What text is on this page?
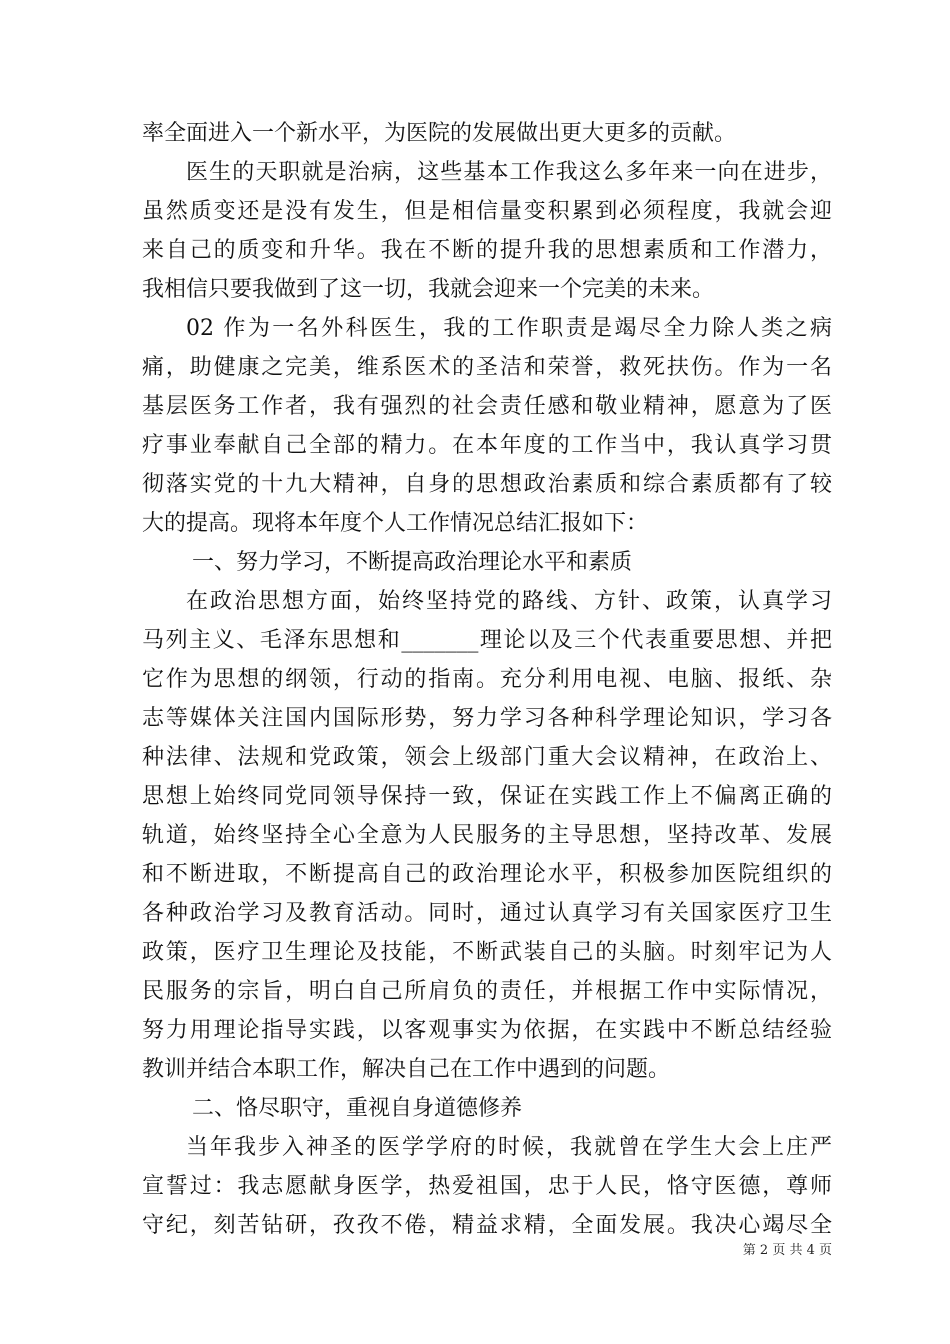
率全面进入一个新水平，为医院的发展做出更大更多的贡献。
医生的天职就是治病，这些基本工作我这么多年来一向在进步，
虽然质变还是没有发生，但是相信量变积累到必须程度，我就会迎
来自己的质变和升华。我在不断的提升我的思想素质和工作潜力，
我相信只要我做到了这一切，我就会迎来一个完美的未来。
02 作为一名外科医生，我的工作职责是竭尽全力除人类之病
痛，助健康之完美，维系医术的圣洁和荣誉，救死扶伤。作为一名
基层医务工作者，我有强烈的社会责任感和敬业精神，愿意为了医
疗事业奉献自己全部的精力。在本年度的工作当中，我认真学习贯
彻落实党的十九大精神，自身的思想政治素质和综合素质都有了较
大的提高。现将本年度个人工作情况总结汇报如下：
一、努力学习，不断提高政治理论水平和素质
在政治思想方面，始终坚持党的路线、方针、政策，认真学习
马列主义、毛泽东思想和_______理论以及三个代表重要思想、并把
它作为思想的纲领，行动的指南。充分利用电视、电脑、报纸、杂
志等媒体关注国内国际形势，努力学习各种科学理论知识，学习各
种法律、法规和党政策，领会上级部门重大会议精神，在政治上、
思想上始终同党同领导保持一致，保证在实践工作上不偏离正确的
轨道，始终坚持全心全意为人民服务的主导思想，坚持改革、发展
和不断进取，不断提高自己的政治理论水平，积极参加医院组织的
各种政治学习及教育活动。同时，通过认真学习有关国家医疗卫生
政策，医疗卫生理论及技能，不断武装自己的头脑。时刻牢记为人
民服务的宗旨，明白自己所肩负的责任，并根据工作中实际情况，
努力用理论指导实践，以客观事实为依据，在实践中不断总结经验
教训并结合本职工作，解决自己在工作中遇到的问题。
二、恪尽职守，重视自身道德修养
当年我步入神圣的医学学府的时候，我就曾在学生大会上庄严
宣誓过：我志愿献身医学，热爱祖国，忠于人民，恪守医德，尊师
守纪，刻苦钻研，孜孜不倦，精益求精，全面发展。我决心竭尽全
第 2 页 共 4 页
